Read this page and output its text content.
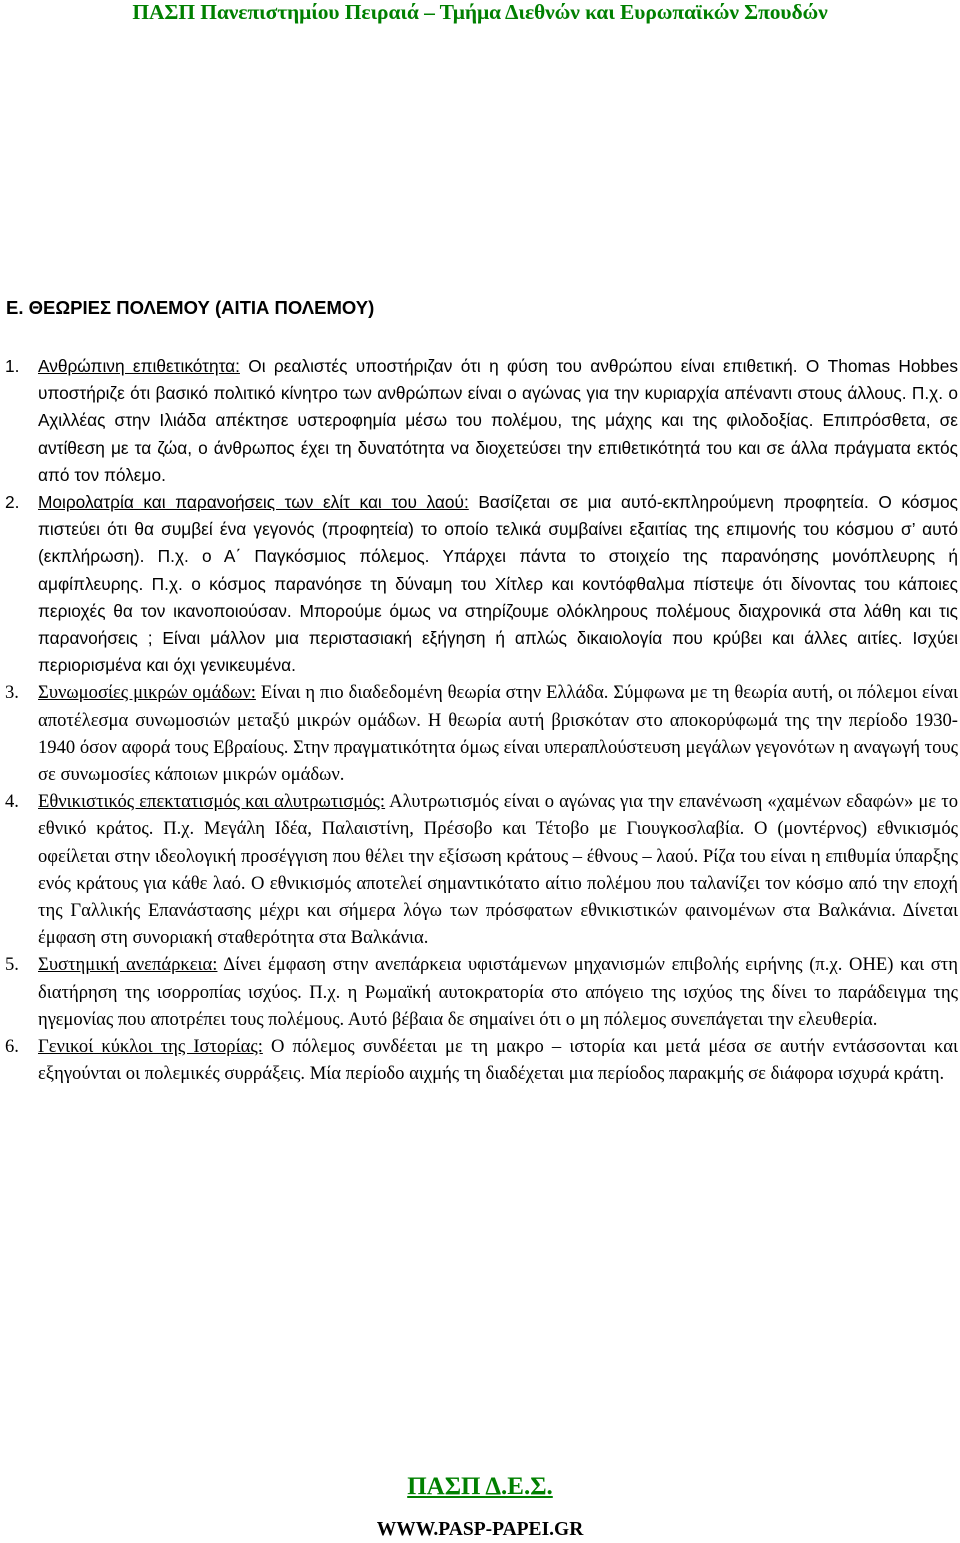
ΠΑΣΠ Πανεπιστημίου Πειραιά – Τμήμα Διεθνών και Ευρωπαϊκών Σπουδών
Ε. ΘΕΩΡΙΕΣ ΠΟΛΕΜΟΥ (ΑΙΤΙΑ ΠΟΛΕΜΟΥ)
1. Ανθρώπινη επιθετικότητα: Οι ρεαλιστές υποστήριζαν ότι η φύση του ανθρώπου είναι επιθετική. Ο Thomas Hobbes υποστήριζε ότι βασικό πολιτικό κίνητρο των ανθρώπων είναι ο αγώνας για την κυριαρχία απέναντι στους άλλους. Π.χ. ο Αχιλλέας στην Ιλιάδα απέκτησε υστεροφημία μέσω του πολέμου, της μάχης και της φιλοδοξίας. Επιπρόσθετα, σε αντίθεση με τα ζώα, ο άνθρωπος έχει τη δυνατότητα να διοχετεύσει την επιθετικότητά του και σε άλλα πράγματα εκτός από τον πόλεμο.
2. Μοιρολατρία και παρανοήσεις των ελίτ και του λαού: Βασίζεται σε μια αυτό-εκπληρούμενη προφητεία. Ο κόσμος πιστεύει ότι θα συμβεί ένα γεγονός (προφητεία) το οποίο τελικά συμβαίνει εξαιτίας της επιμονής του κόσμου σ’ αυτό (εκπλήρωση). Π.χ. ο Α΄ Παγκόσμιος πόλεμος. Υπάρχει πάντα το στοιχείο της παρανόησης μονόπλευρης ή αμφίπλευρης. Π.χ. ο κόσμος παρανόησε τη δύναμη του Χίτλερ και κοντόφθαλμα πίστεψε ότι δίνοντας του κάποιες περιοχές θα τον ικανοποιούσαν. Μπορούμε όμως να στηρίζουμε ολόκληρους πολέμους διαχρονικά στα λάθη και τις παρανοήσεις ; Είναι μάλλον μια περιστασιακή εξήγηση ή απλώς δικαιολογία που κρύβει και άλλες αιτίες. Ισχύει περιορισμένα και όχι γενικευμένα.
3. Συνωμοσίες μικρών ομάδων: Είναι η πιο διαδεδομένη θεωρία στην Ελλάδα. Σύμφωνα με τη θεωρία αυτή, οι πόλεμοι είναι αποτέλεσμα συνωμοσιών μεταξύ μικρών ομάδων. Η θεωρία αυτή βρισκόταν στο αποκορύφωμά της την περίοδο 1930-1940 όσον αφορά τους Εβραίους. Στην πραγματικότητα όμως είναι υπεραπλούστευση μεγάλων γεγονότων η αναγωγή τους σε συνωμοσίες κάποιων μικρών ομάδων.
4. Εθνικιστικός επεκτατισμός και αλυτρωτισμός: Αλυτρωτισμός είναι ο αγώνας για την επανένωση «χαμένων εδαφών» με το εθνικό κράτος. Π.χ. Μεγάλη Ιδέα, Παλαιστίνη, Πρέσοβο και Τέτοβο με Γιουγκοσλαβία. Ο (μοντέρνος) εθνικισμός οφείλεται στην ιδεολογική προσέγγιση που θέλει την εξίσωση κράτους – έθνους – λαού. Ρίζα του είναι η επιθυμία ύπαρξης ενός κράτους για κάθε λαό. Ο εθνικισμός αποτελεί σημαντικότατο αίτιο πολέμου που ταλανίζει τον κόσμο από την εποχή της Γαλλικής Επανάστασης μέχρι και σήμερα λόγω των πρόσφατων εθνικιστικών φαινομένων στα Βαλκάνια. Δίνεται έμφαση στη συνοριακή σταθερότητα στα Βαλκάνια.
5. Συστημική ανεπάρκεια: Δίνει έμφαση στην ανεπάρκεια υφιστάμενων μηχανισμών επιβολής ειρήνης (π.χ. ΟΗΕ) και στη διατήρηση της ισορροπίας ισχύος. Π.χ. η Ρωμαϊκή αυτοκρατορία στο απόγειο της ισχύος της δίνει το παράδειγμα της ηγεμονίας που αποτρέπει τους πολέμους. Αυτό βέβαια δε σημαίνει ότι ο μη πόλεμος συνεπάγεται την ελευθερία.
6. Γενικοί κύκλοι της Ιστορίας: Ο πόλεμος συνδέεται με τη μακρο – ιστορία και μετά μέσα σε αυτήν εντάσσονται και εξηγούνται οι πολεμικές συρράξεις. Μία περίοδο αιχμής τη διαδέχεται μια περίοδος παρακμής σε διάφορα ισχυρά κράτη.
ΠΑΣΠ Δ.Ε.Σ.
WWW.PASP-PAPEI.GR
